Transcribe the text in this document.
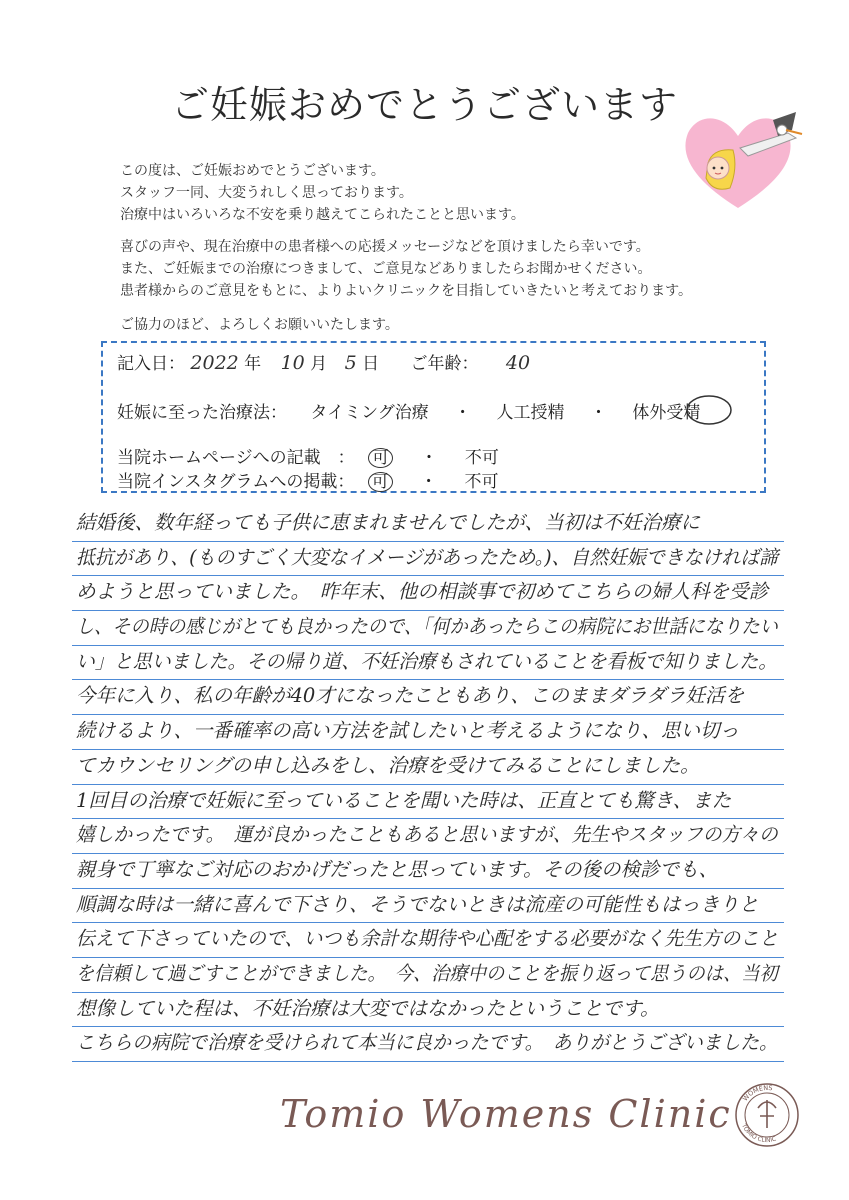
ご妊娠おめでとうございます
この度は、ご妊娠おめでとうございます。
スタッフ一同、大変うれしく思っております。
治療中はいろいろな不安を乗り越えてこられたことと思います。
喜びの声や、現在治療中の患者様への応援メッセージなどを頂けましたら幸いです。
また、ご妊娠までの治療につきまして、ご意見などありましたらお聞かせください。
患者様からのご意見をもとに、よりよいクリニックを目指していきたいと考えております。
ご協力のほど、よろしくお願いいたします。
記入日： 2022 年 10 月 5 日 ご年齢： 40
妊娠に至った治療法： タイミング治療 ・ 人工授精 ・ 体外受精
当院ホームページへの記載　： 可 ・ 不可
当院インスタグラムへの掲載： 可 ・ 不可
結婚後、数年経っても子供に恵まれませんでしたが、当初は不妊治療に
抵抗があり、(ものすごく大変なイメージがあったため。)、自然妊娠できなければ諦
めようと思っていました。　昨年末、他の相談事で初めてこちらの婦人科を受診
し、その時の感じがとても良かったので、「何かあったらこの病院にお世話になりたい
い」と思いました。その帰り道、不妊治療もされていることを看板で知りました。
今年に入り、私の年齢が40才になったこともあり、このままダラダラ妊活を
続けるより、一番確率の高い方法を試したいと考えるようになり、思い切っ
てカウンセリングの申し込みをし、治療を受けてみることにしました。
1回目の治療で妊娠に至っていることを聞いた時は、正直とても驚き、また
嬉しかったです。　運が良かったこともあると思いますが、先生やスタッフの方々の
親身で丁寧なご対応のおかげだったと思っています。その後の検診でも、
順調な時は一緒に喜んで下さり、そうでないときは流産の可能性もはっきりと
伝えて下さっていたので、いつも余計な期待や心配をする必要がなく先生方のこと
を信頼して過ごすことができました。　今、治療中のことを振り返って思うのは、当初
想像していた程は、不妊治療は大変ではなかったということです。
こちらの病院で治療を受けられて本当に良かったです。　ありがとうございました。
Tomio Womens Clinic WOMENS
TOMIO CLINIC
